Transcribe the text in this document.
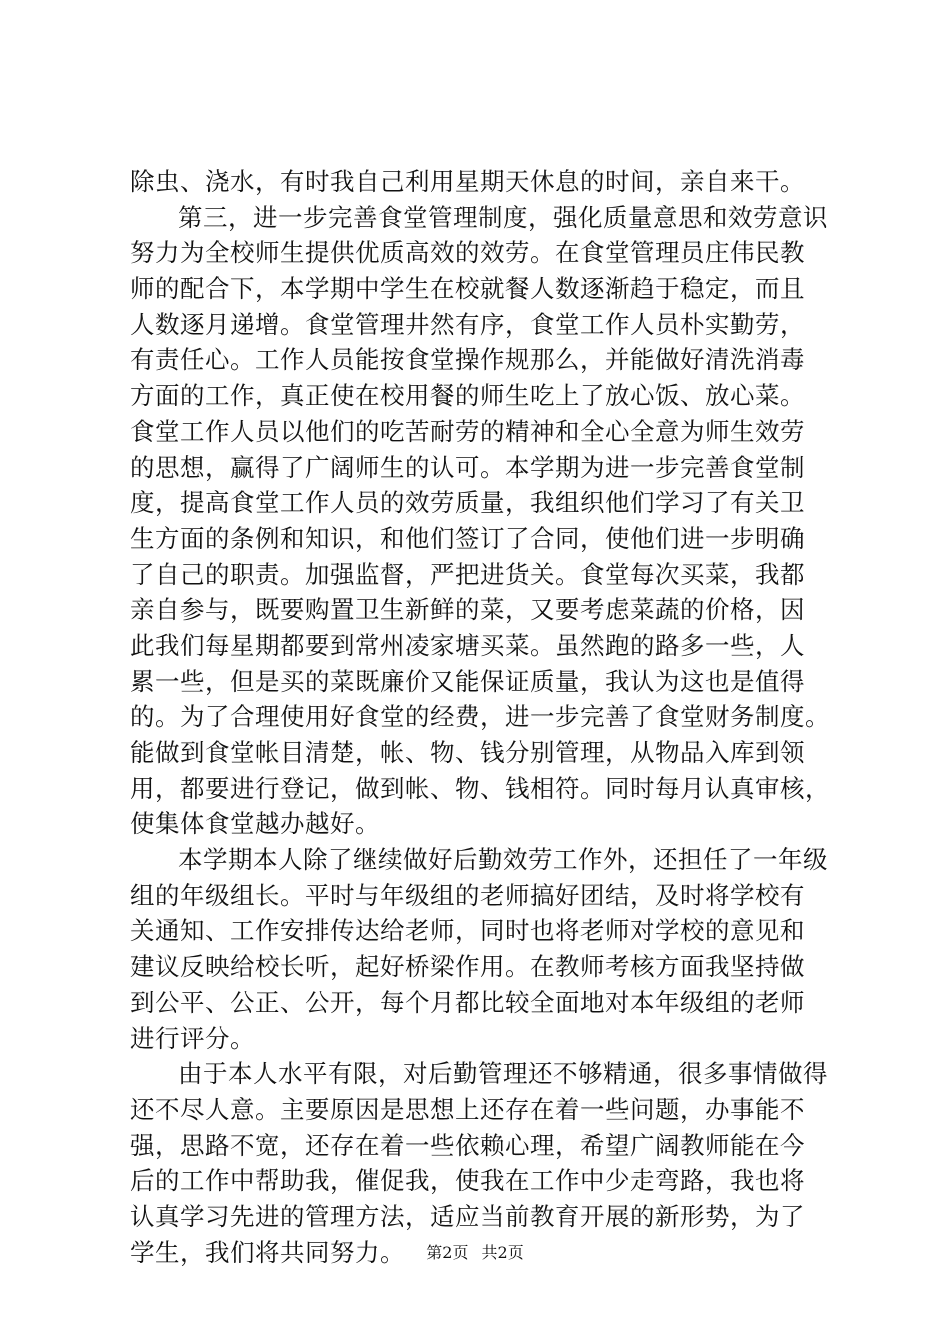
除虫、浇水，有时我自己利用星期天休息的时间，亲自来干。
第三，进一步完善食堂管理制度，强化质量意思和效劳意识
努力为全校师生提供优质高效的效劳。在食堂管理员庄伟民教
师的配合下，本学期中学生在校就餐人数逐渐趋于稳定，而且
人数逐月递增。食堂管理井然有序，食堂工作人员朴实勤劳，
有责任心。工作人员能按食堂操作规那么，并能做好清洗消毒
方面的工作，真正使在校用餐的师生吃上了放心饭、放心菜。
食堂工作人员以他们的吃苦耐劳的精神和全心全意为师生效劳
的思想，赢得了广阔师生的认可。本学期为进一步完善食堂制
度，提高食堂工作人员的效劳质量，我组织他们学习了有关卫
生方面的条例和知识，和他们签订了合同，使他们进一步明确
了自己的职责。加强监督，严把进货关。食堂每次买菜，我都
亲自参与，既要购置卫生新鲜的菜，又要考虑菜蔬的价格，因
此我们每星期都要到常州凌家塘买菜。虽然跑的路多一些，人
累一些，但是买的菜既廉价又能保证质量，我认为这也是值得
的。为了合理使用好食堂的经费，进一步完善了食堂财务制度。
能做到食堂帐目清楚，帐、物、钱分别管理，从物品入库到领
用，都要进行登记，做到帐、物、钱相符。同时每月认真审核，
使集体食堂越办越好。
本学期本人除了继续做好后勤效劳工作外，还担任了一年级
组的年级组长。平时与年级组的老师搞好团结，及时将学校有
关通知、工作安排传达给老师，同时也将老师对学校的意见和
建议反映给校长听，起好桥梁作用。在教师考核方面我坚持做
到公平、公正、公开，每个月都比较全面地对本年级组的老师
进行评分。
由于本人水平有限，对后勤管理还不够精通，很多事情做得
还不尽人意。主要原因是思想上还存在着一些问题，办事能不
强，思路不宽，还存在着一些依赖心理，希望广阔教师能在今
后的工作中帮助我，催促我，使我在工作中少走弯路，我也将
认真学习先进的管理方法，适应当前教育开展的新形势，为了
学生，我们将共同努力。	第2页 共2页
